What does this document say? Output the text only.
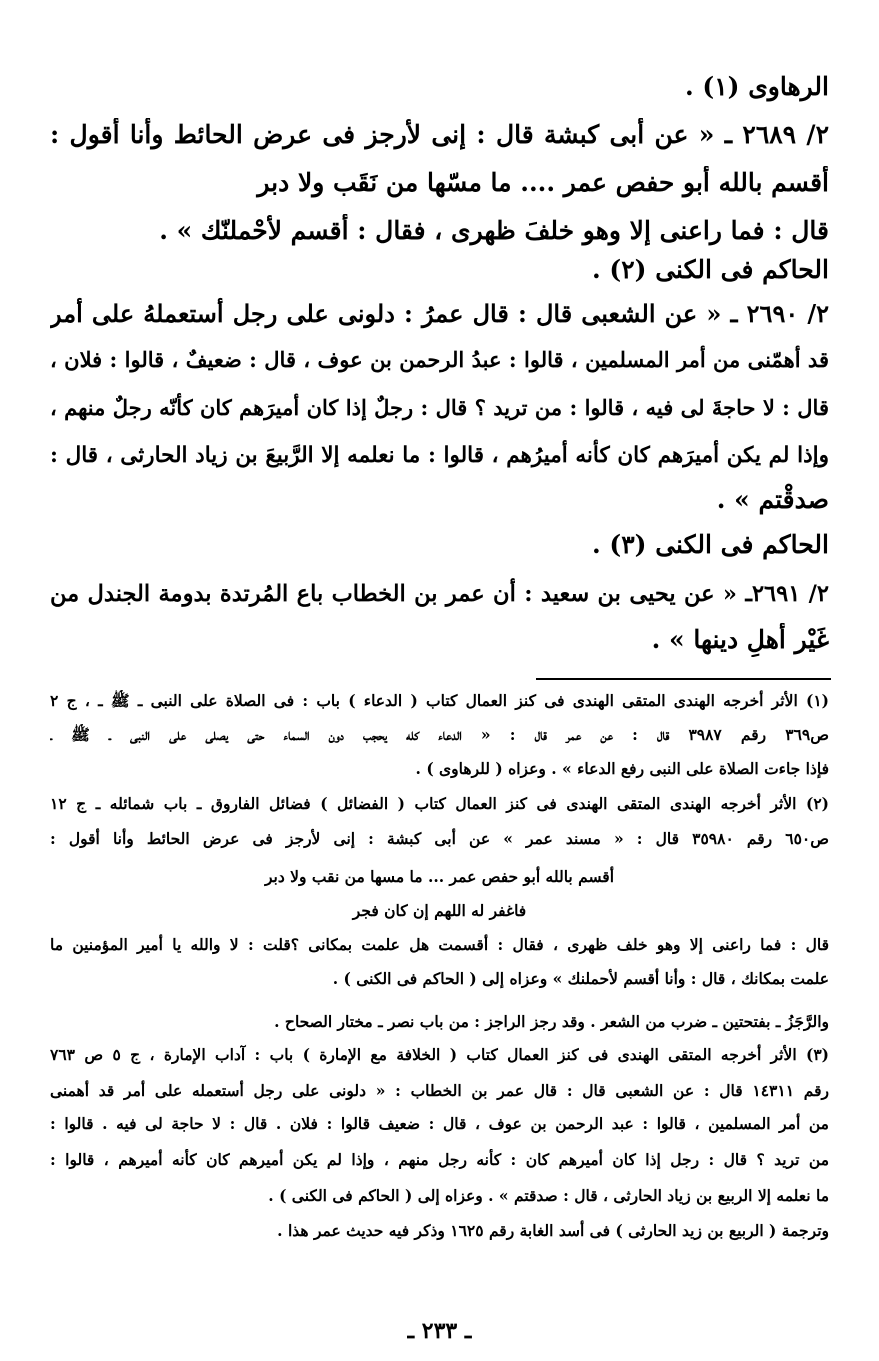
الرهاوى (١) .
٢/ ٢٦٨٩ ـ « عن أبى كبشة قال : إنى لأرجز فى عرض الحائط وأنا أقول :
أقسم بالله أبو حفص عمر .... ما مسّها من نَقَب ولا دبر
قال : فما راعنى إلا وهو خلفَ ظهرى ، فقال : أقسم لأحْملنّك » .
الحاكم فى الكنى (٢) .
٢/ ٢٦٩٠ ـ « عن الشعبى قال : قال عمرُ : دلونى على رجل أستعملهُ على أمر
قد أهمّنى من أمر المسلمين ، قالوا : عبدُ الرحمن بن عوف ، قال : ضعيفٌ ، قالوا : فلان ،
قال : لا حاجةَ لى فيه ، قالوا : من تريد ؟ قال : رجلٌ إذا كان أميرَهم كان كأنّه رجلٌ منهم ،
وإذا لم يكن أميرَهم كان كأنه أميرُهم ، قالوا : ما نعلمه إلا الرَّبيعَ بن زياد الحارثى ، قال :
صدقْتم » .
الحاكم فى الكنى (٣) .
٢/ ٢٦٩١ـ « عن يحيى بن سعيد : أن عمر بن الخطاب باع المُرتدة بدومة الجندل من
غَيْر أهلِ دينها » .
(١) الأثر أخرجه الهندى المتقى الهندى فى كنز العمال كتاب ( الدعاء ) باب : فى الصلاة على النبى ـ ﷺ ـ ، ج ٢
ص٣٦٩ رقم ٣٩٨٧ قال : عن عمر قال : « الدعاء كله يحجب دون السماء حتى يصلى على النبى ـ ﷺ ـ
فإذا جاءت الصلاة على النبى رفع الدعاء » . وعزاه ( للرهاوى ) .
(٢) الأثر أخرجه الهندى المتقى الهندى فى كنز العمال كتاب ( الفضائل ) فضائل الفاروق ـ باب شمائله ـ ج ١٢
ص٦٥٠ رقم ٣٥٩٨٠ قال : « مسند عمر » عن أبى كبشة : إنى لأرجز فى عرض الحائط وأنا أقول :
أقسم بالله أبو حفص عمر ... ما مسها من نقب ولا دبر
فاغفر له اللهم إن كان فجر
قال : فما راعنى إلا وهو خلف ظهرى ، فقال : أقسمت هل علمت بمكانى ؟قلت : لا والله يا أمير المؤمنين ما
علمت بمكانك ، قال : وأنا أقسم لأحملنك » وعزاه إلى ( الحاكم فى الكنى ) .
والرَّجَزُ ـ بفتحتين ـ ضرب من الشعر . وقد رجز الراجز : من باب نصر ـ مختار الصحاح .
(٣) الأثر أخرجه المتقى الهندى فى كنز العمال كتاب ( الخلافة مع الإمارة ) باب : آداب الإمارة ، ج ٥ ص ٧٦٣
رقم ١٤٣١١ قال : عن الشعبى قال : قال عمر بن الخطاب : « دلونى على رجل أستعمله على أمر قد أهمنى
من أمر المسلمين ، قالوا : عبد الرحمن بن عوف ، قال : ضعيف قالوا : فلان . قال : لا حاجة لى فيه . قالوا :
من تريد ؟ قال : رجل إذا كان أميرهم كان : كأنه رجل منهم ، وإذا لم يكن أميرهم كان كأنه أميرهم ، قالوا :
ما نعلمه إلا الربيع بن زياد الحارثى ، قال : صدقتم » . وعزاه إلى ( الحاكم فى الكنى ) .
وترجمة ( الربيع بن زيد الحارثى ) فى أسد الغابة رقم ١٦٢٥ وذكر فيه حديث عمر هذا .
ـ ٢٣٣ ـ
